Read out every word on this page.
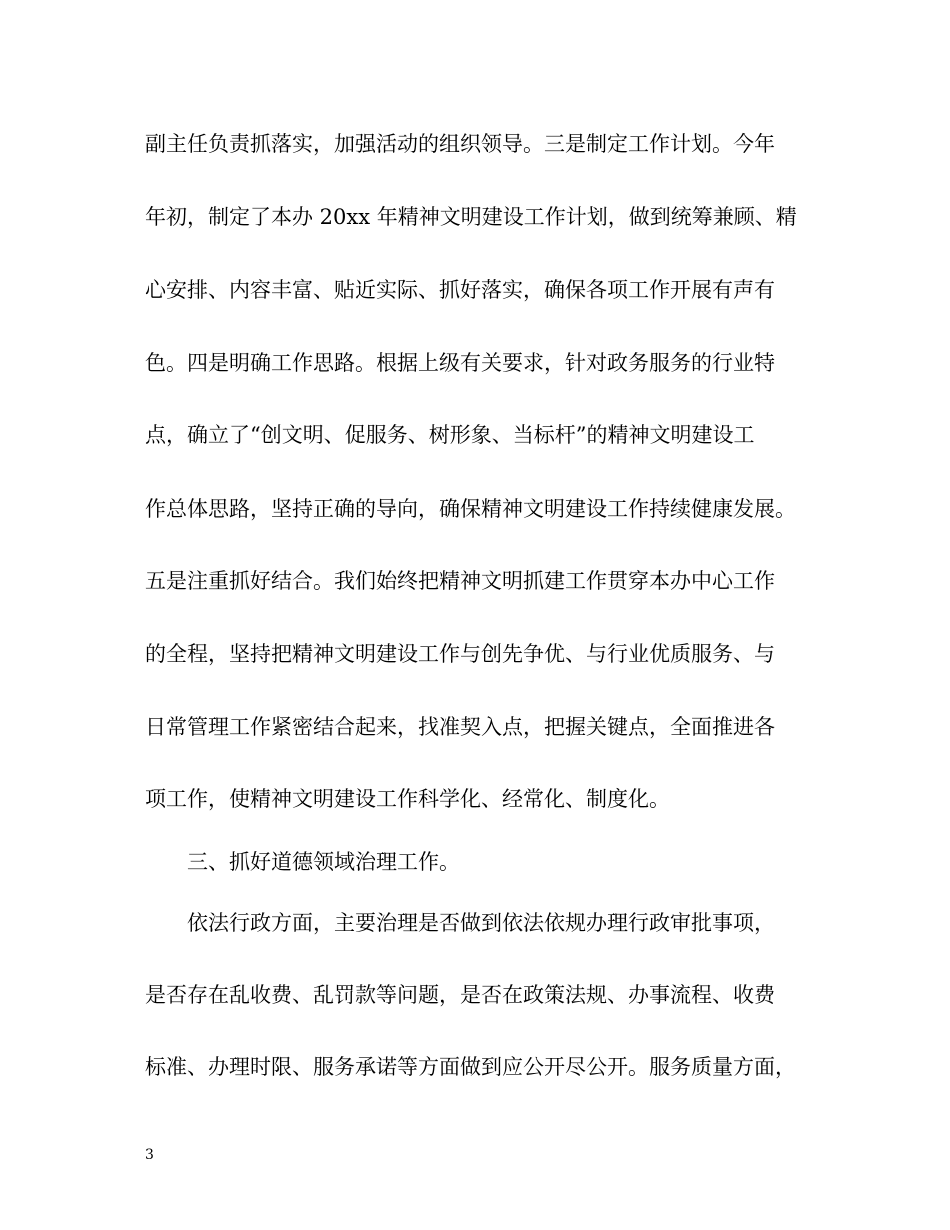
副主任负责抓落实，加强活动的组织领导。三是制定工作计划。今年
年初，制定了本办 20xx 年精神文明建设工作计划，做到统筹兼顾、精
心安排、内容丰富、贴近实际、抓好落实，确保各项工作开展有声有
色。四是明确工作思路。根据上级有关要求，针对政务服务的行业特
点，确立了“创文明、促服务、树形象、当标杆”的精神文明建设工
作总体思路，坚持正确的导向，确保精神文明建设工作持续健康发展。
五是注重抓好结合。我们始终把精神文明抓建工作贯穿本办中心工作
的全程，坚持把精神文明建设工作与创先争优、与行业优质服务、与
日常管理工作紧密结合起来，找准契入点，把握关键点，全面推进各
项工作，使精神文明建设工作科学化、经常化、制度化。
三、抓好道德领域治理工作。
依法行政方面，主要治理是否做到依法依规办理行政审批事项，
是否存在乱收费、乱罚款等问题，是否在政策法规、办事流程、收费
标准、办理时限、服务承诺等方面做到应公开尽公开。服务质量方面，
3
